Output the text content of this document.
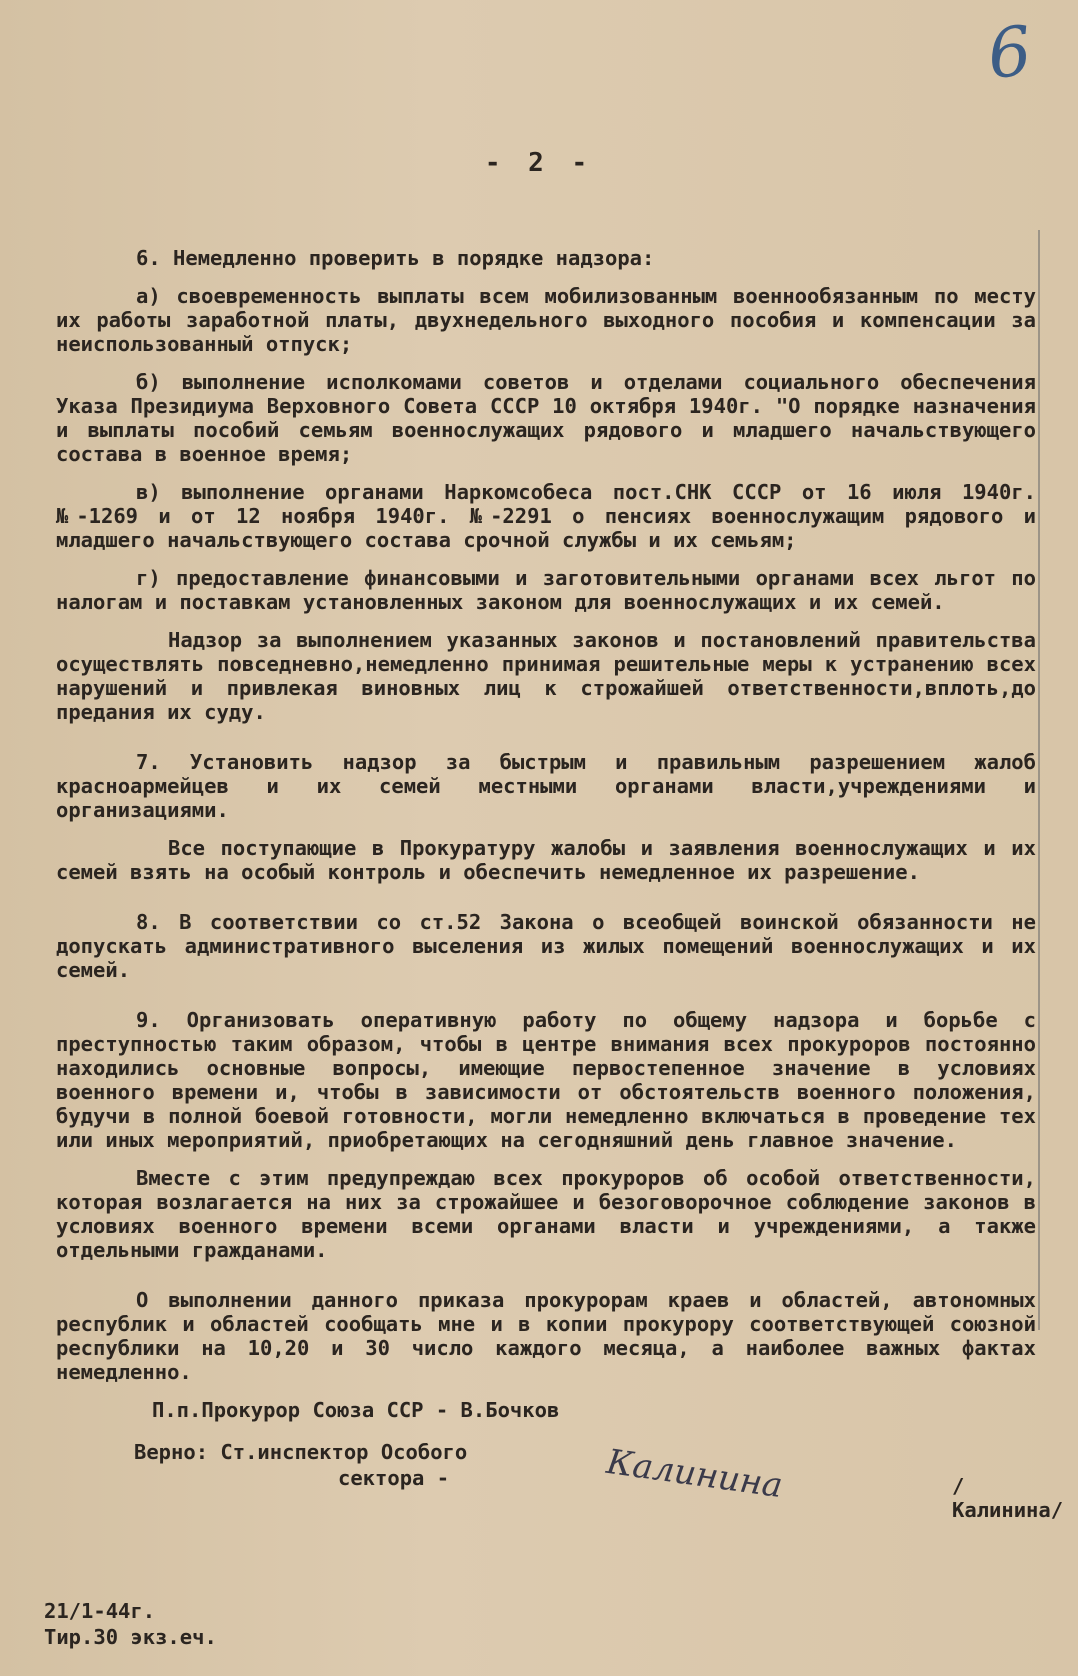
6
- 2 -

6. Немедленно проверить в порядке надзора:

а) своевременность выплаты всем мобилизованным военнообязанным по месту их работы заработной платы, двухнедельного выходного пособия и компенсации за неиспользованный отпуск;

б) выполнение исполкомами советов и отделами социального обеспечения Указа Президиума Верховного Совета СССР 10 октября 1940г. "О порядке назначения и выплаты пособий семьям военнослужащих рядового и младшего начальствующего состава в военное время;

в) выполнение органами Наркомсобеса пост.СНК СССР от 16 июля 1940г. №-1269 и от 12 ноября 1940г. №-2291 о пенсиях военнослужащим рядового и младшего начальствующего состава срочной службы и их семьям;

г) предоставление финансовыми и заготовительными органами всех льгот по налогам и поставкам установленных законом для военнослужащих и их семей.

Надзор за выполнением указанных законов и постановлений правительства осуществлять повседневно,немедленно принимая решительные меры к устранению всех нарушений и привлекая виновных лиц к строжайшей ответственности,вплоть,до предания их суду.

7. Установить надзор за быстрым и правильным разрешением жалоб красноармейцев и их семей местными органами власти,учреждениями и организациями.

Все поступающие в Прокуратуру жалобы и заявления военнослужащих и их семей взять на особый контроль и обеспечить немедленное их разрешение.

8. В соответствии со ст.52 Закона о всеобщей воинской обязанности не допускать административного выселения из жилых помещений военнослужащих и их семей.

9. Организовать оперативную работу по общему надзора и борьбе с преступностью таким образом, чтобы в центре внимания всех прокуроров постоянно находились основные вопросы, имеющие первостепенное значение в условиях военного времени и, чтобы в зависимости от обстоятельств военного положения, будучи в полной боевой готовности, могли немедленно включаться в проведение тех или иных мероприятий, приобретающих на сегодняшний день главное значение.

Вместе с этим предупреждаю всех прокуроров об особой ответственности, которая возлагается на них за строжайшее и безоговорочное соблюдение законов в условиях военного времени всеми органами власти и учреждениями, а также отдельными гражданами.

О выполнении данного приказа прокурорам краев и областей, автономных республик и областей сообщать мне и в копии прокурору соответствующей союзной республики на 10,20 и 30 число каждого месяца, а наиболее важных фактах немедленно.

П.п.Прокурор Союза ССР - В.Бочков
Верно: Ст.инспектор Особого
сектора -	Калинина	/Калинина/
21/1-44г.
Тир.30 экз.еч.
